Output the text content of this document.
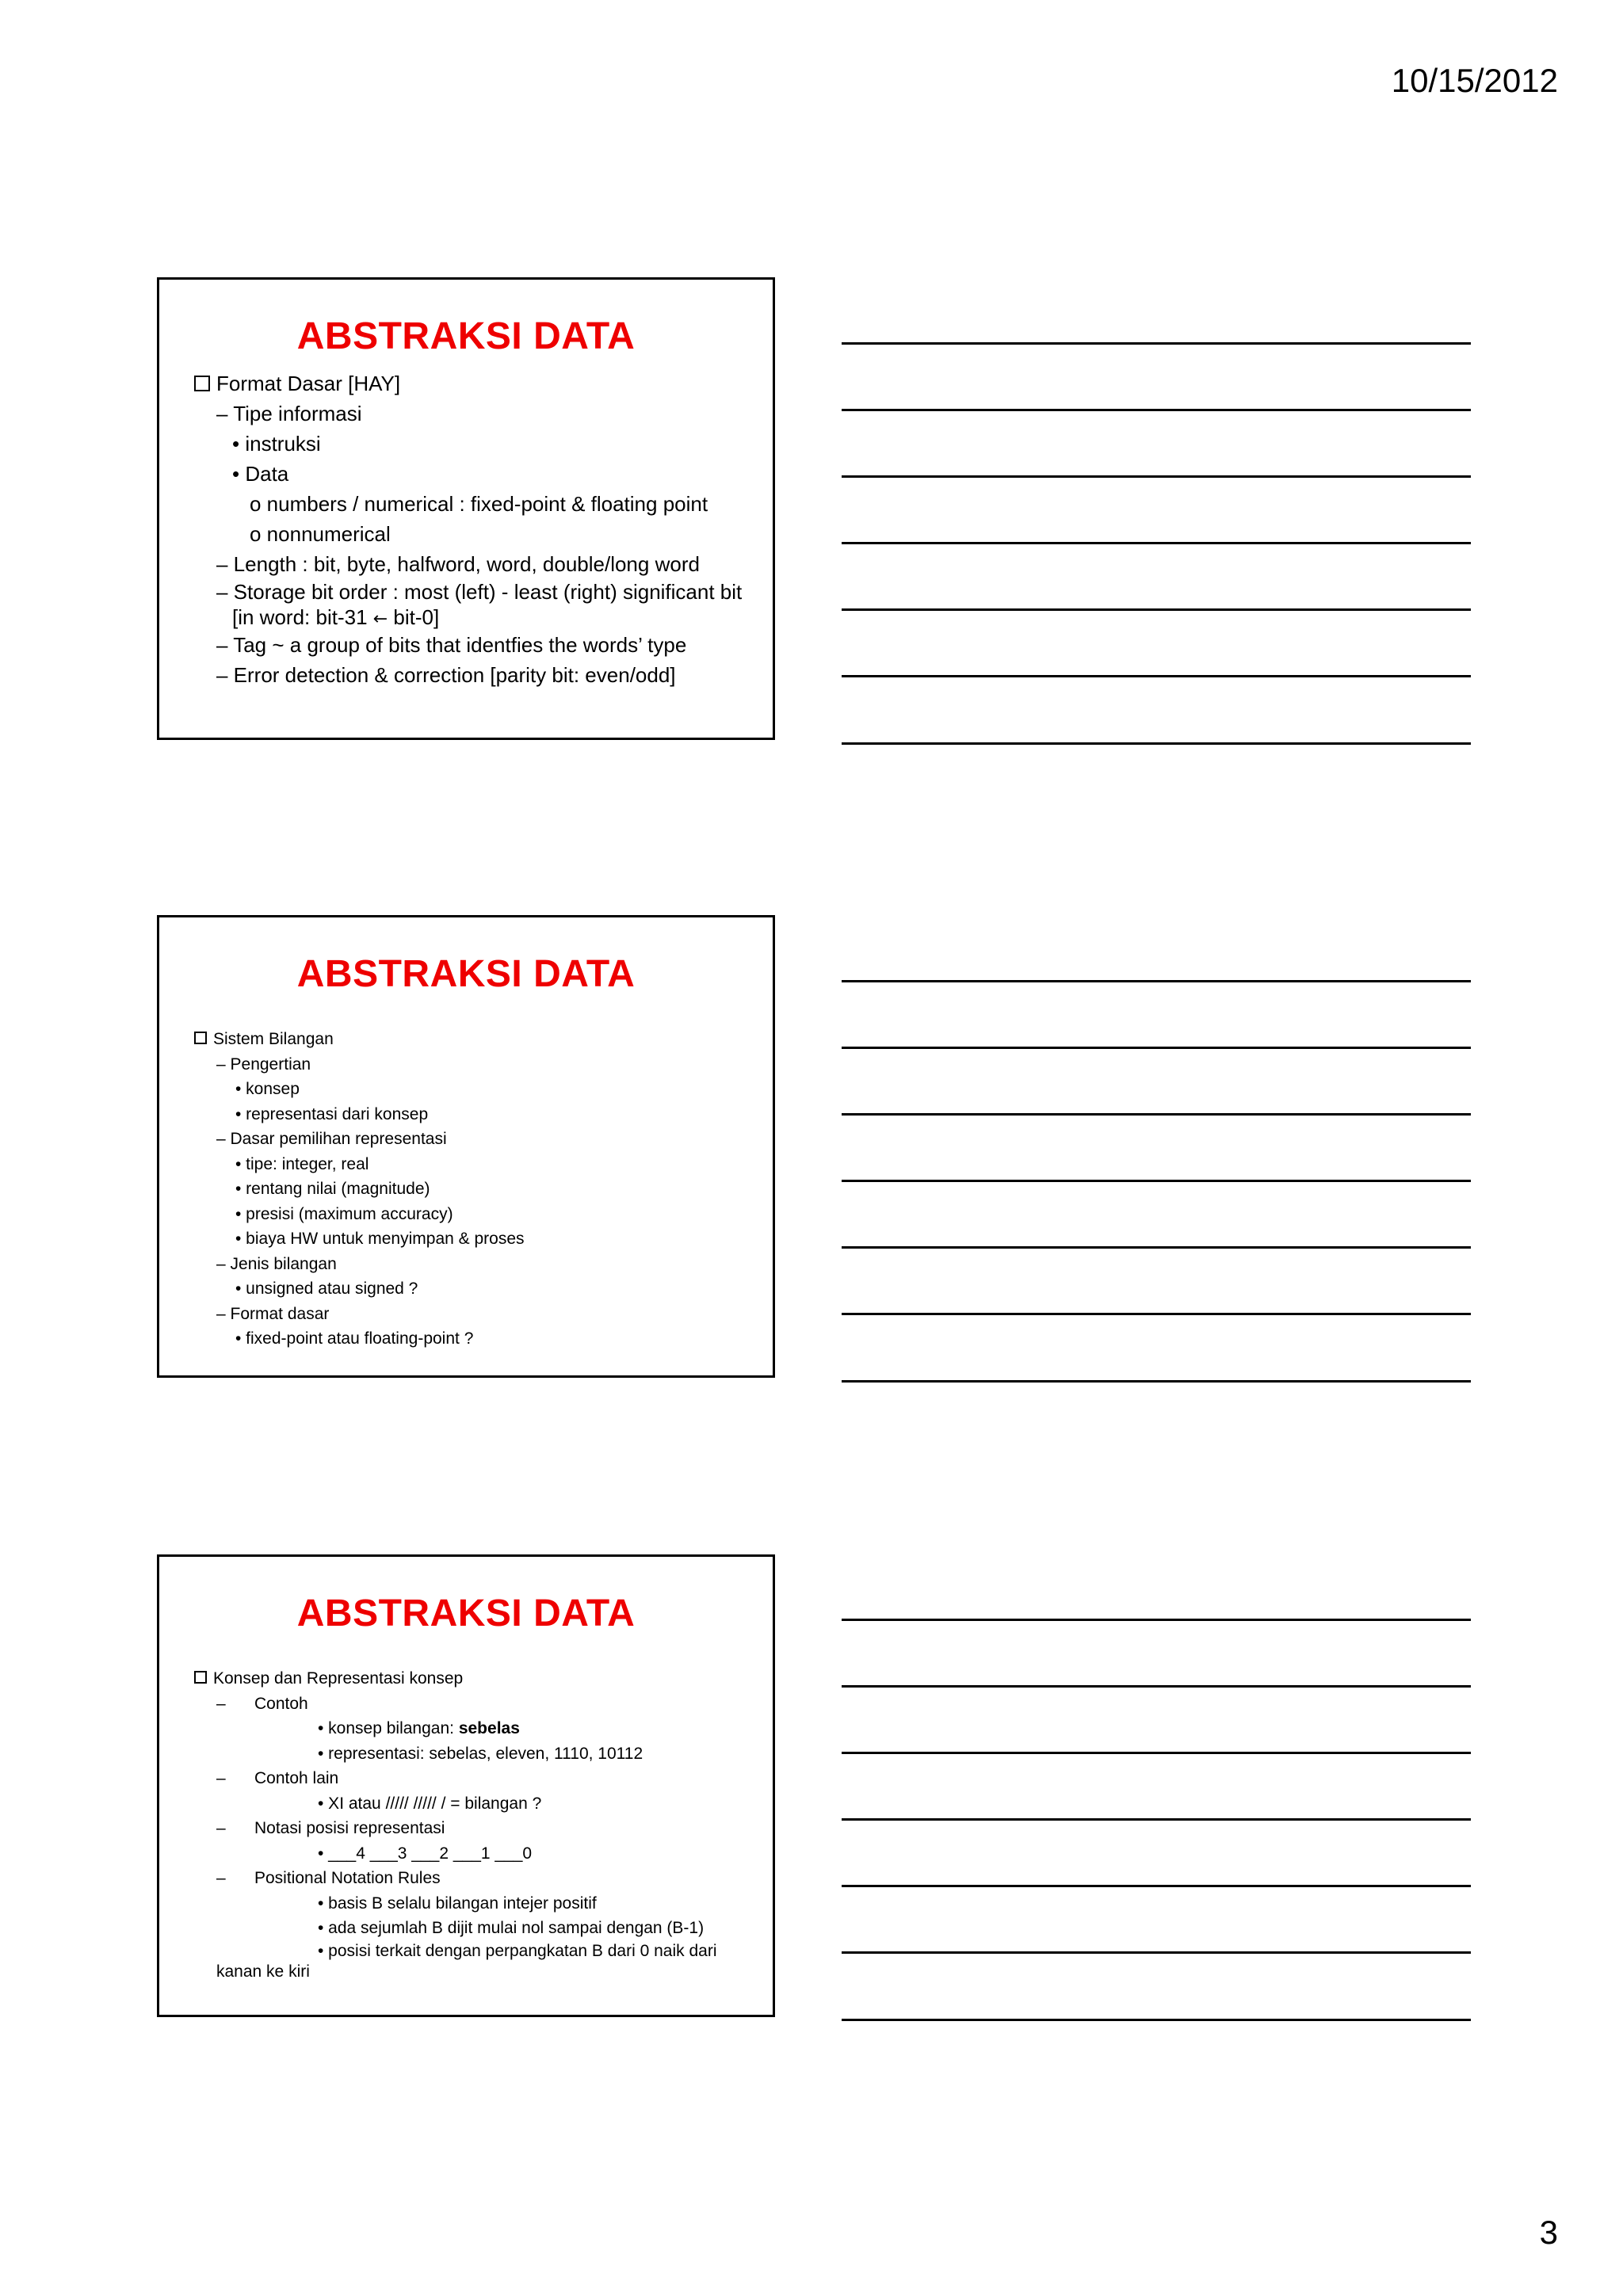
10/15/2012
ABSTRAKSI DATA
Format Dasar [HAY]
– Tipe informasi
• instruksi
• Data
o numbers / numerical : fixed-point & floating point
o nonnumerical
– Length : bit, byte, halfword, word, double/long word
– Storage bit order : most (left) - least (right) significant bit
[in word: bit-31 ← bit-0]
– Tag ~ a group of bits that identfies the words’ type
– Error detection & correction [parity bit: even/odd]
ABSTRAKSI DATA
Sistem Bilangan
– Pengertian
• konsep
• representasi dari konsep
– Dasar pemilihan representasi
• tipe: integer, real
• rentang nilai (magnitude)
• presisi (maximum accuracy)
• biaya HW untuk menyimpan & proses
– Jenis bilangan
• unsigned atau signed ?
– Format dasar
• fixed-point atau floating-point ?
ABSTRAKSI DATA
Konsep dan Representasi konsep
– Contoh
• konsep bilangan: sebelas
• representasi: sebelas, eleven, 1110, 10112
– Contoh lain
• XI atau ///// ///// / = bilangan ?
– Notasi posisi representasi
• ___4 ___3 ___2 ___1 ___0
– Positional Notation Rules
• basis B selalu bilangan intejer positif
• ada sejumlah B dijit mulai nol sampai dengan (B-1)
• posisi terkait dengan perpangkatan B dari 0 naik dari
kanan ke kiri
3
